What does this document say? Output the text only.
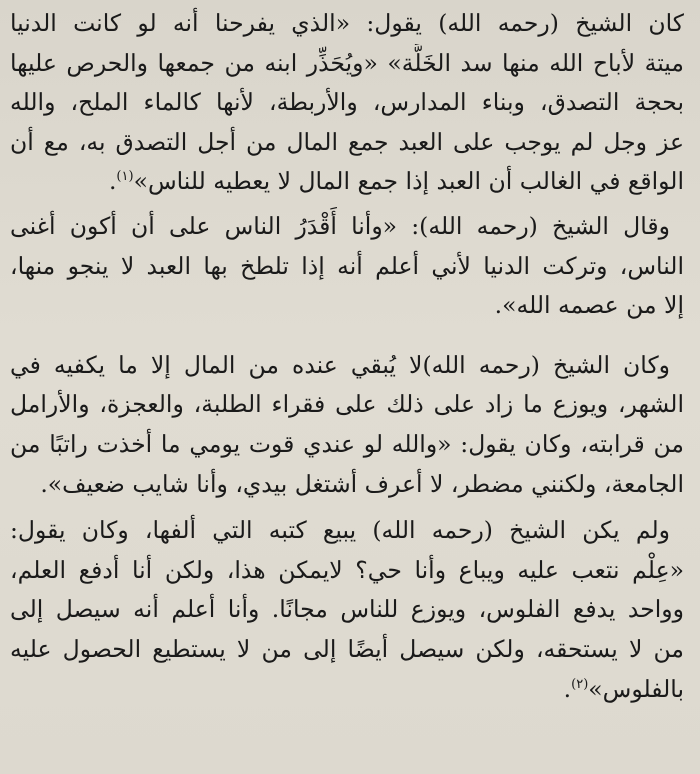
كان الشيخ (رحمه الله) يقول: «الذي يفرحنا أنه لو كانت الدنيا
ميتة لأباح الله منها سد الخَلَّة» «ويُحَذِّر ابنه من جمعها والحرص عليها
بحجة التصدق، وبناء المدارس، والأربطة، لأنها كالماء الملح، والله
عز وجل لم يوجب على العبد جمع المال من أجل التصدق به، مع أن
الواقع في الغالب أن العبد إذا جمع المال لا يعطيه للناس»$^{(١)}$.
وقال الشيخ (رحمه الله): «وأنا أَقْدَرُ الناس على أن أكون أغنى
الناس، وتركت الدنيا لأني أعلم أنه إذا تلطخ بها العبد لا ينجو منها،
إلا من عصمه الله».
وكان الشيخ (رحمه الله)لا يُبقي عنده من المال إلا ما يكفيه في
الشهر، ويوزع ما زاد على ذلك على فقراء الطلبة، والعجزة، والأرامل
من قرابته، وكان يقول: «والله لو عندي قوت يومي ما أخذت راتبًا من
الجامعة، ولكنني مضطر، لا أعرف أشتغل بيدي، وأنا شايب ضعيف».
ولم يكن الشيخ (رحمه الله) يبيع كتبه التي ألفها، وكان يقول:
«عِلْم نتعب عليه ويباع وأنا حي؟ لايمكن هذا، ولكن أنا أدفع العلم،
وواحد يدفع الفلوس، ويوزع للناس مجانًا. وأنا أعلم أنه سيصل إلى
من لا يستحقه، ولكن سيصل أيضًا إلى من لا يستطيع الحصول عليه
بالفلوس»$^{(٢)}$.
